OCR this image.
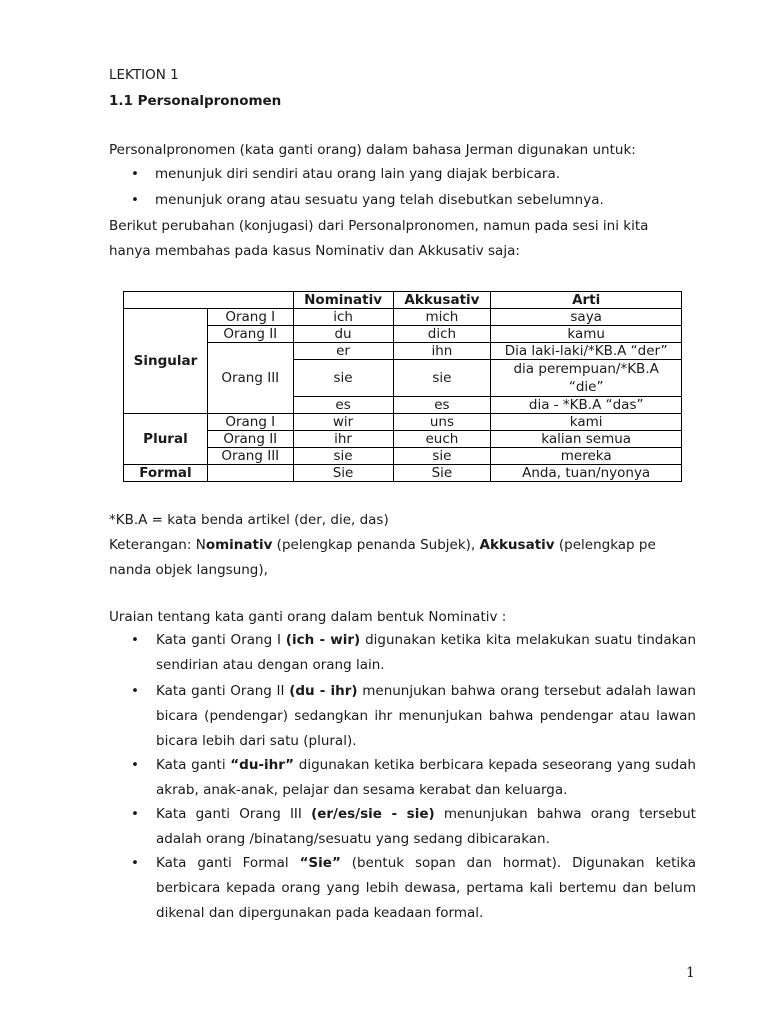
LEKTION 1
1.1 Personalpronomen
Personalpronomen (kata ganti orang) dalam bahasa Jerman digunakan untuk:
• menunjuk diri sendiri atau orang lain yang diajak berbicara.
• menunjuk orang atau sesuatu yang telah disebutkan sebelumnya.
Berikut perubahan (konjugasi) dari Personalpronomen, namun pada sesi ini kita
hanya membahas pada kasus Nominativ dan Akkusativ saja:
		Nominativ	Akkusativ	Arti
Singular	Orang I	ich	mich	saya
	Orang II	du	dich	kamu
	Orang III	er	ihn	Dia laki-laki/*KB.A “der”
		sie	sie	dia perempuan/*KB.A
				“die”
		es	es	dia - *KB.A “das”
Plural	Orang I	wir	uns	kami
	Orang II	ihr	euch	kalian semua
	Orang III	sie	sie	mereka
Formal		Sie	Sie	Anda, tuan/nyonya
*KB.A = kata benda artikel (der, die, das)
Keterangan: Nominativ (pelengkap penanda Subjek), Akkusativ (pelengkap pe
nanda objek langsung),
Uraian tentang kata ganti orang dalam bentuk Nominativ :
• Kata ganti Orang I (ich - wir) digunakan ketika kita melakukan suatu tindakan sendirian atau dengan orang lain.
• Kata ganti Orang II (du - ihr) menunjukan bahwa orang tersebut adalah lawan bicara (pendengar) sedangkan ihr menunjukan bahwa pendengar atau lawan bicara lebih dari satu (plural).
• Kata ganti “du-ihr” digunakan ketika berbicara kepada seseorang yang sudah akrab, anak-anak, pelajar dan sesama kerabat dan keluarga.
• Kata ganti Orang III (er/es/sie - sie) menunjukan bahwa orang tersebut adalah orang /binatang/sesuatu yang sedang dibicarakan.
• Kata ganti Formal “Sie” (bentuk sopan dan hormat). Digunakan ketika berbicara kepada orang yang lebih dewasa, pertama kali bertemu dan belum dikenal dan dipergunakan pada keadaan formal.
1
